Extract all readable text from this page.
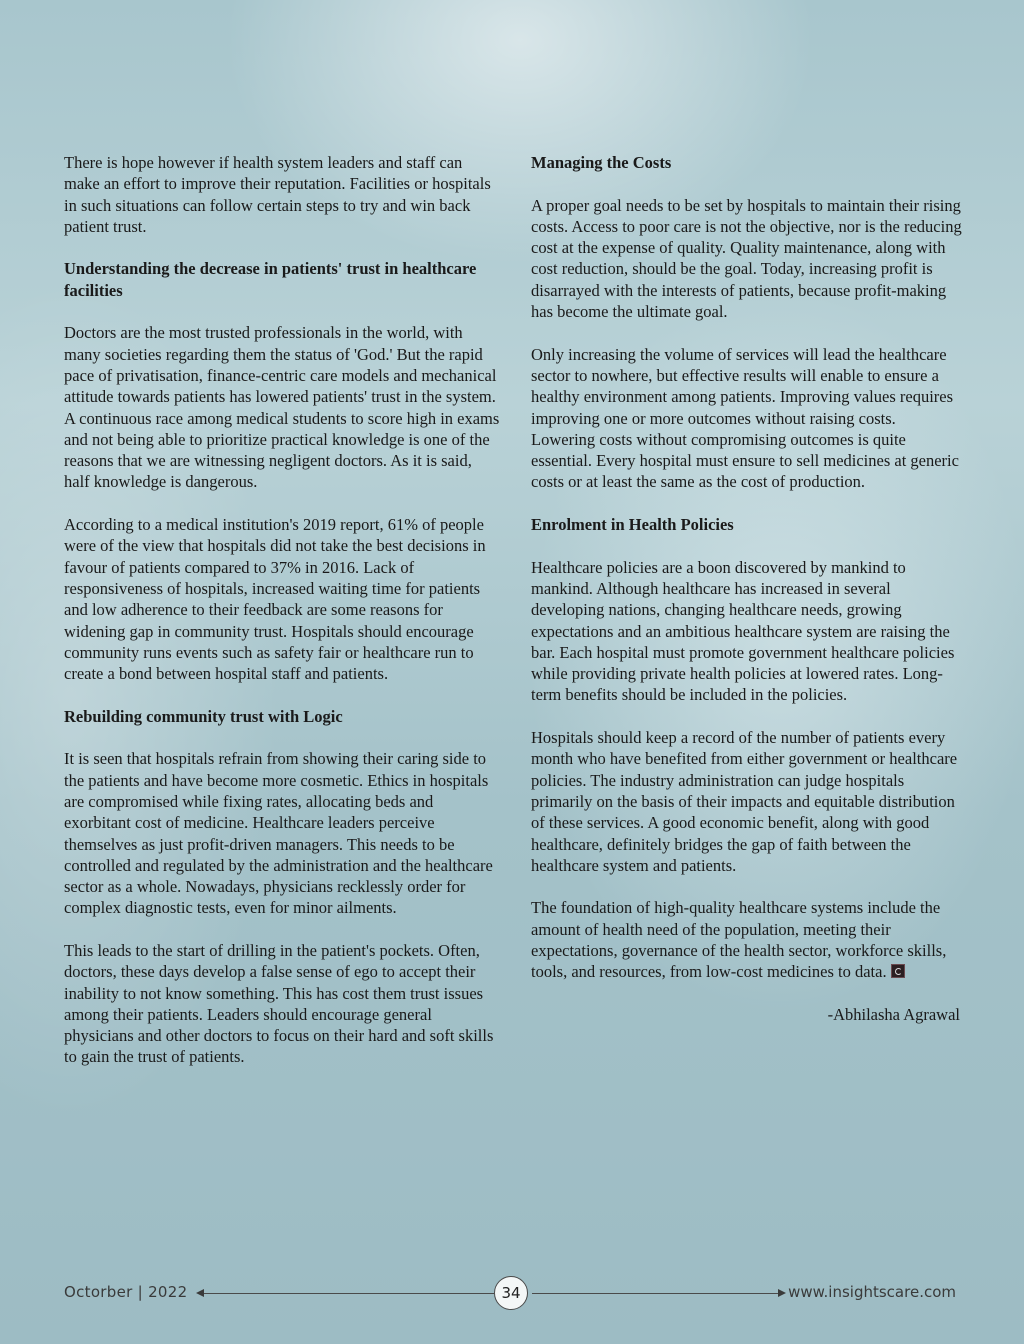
There is hope however if health system leaders and staff can make an effort to improve their reputation. Facilities or hospitals in such situations can follow certain steps to try and win back patient trust.

Understanding the decrease in patients' trust in healthcare facilities

Doctors are the most trusted professionals in the world, with many societies regarding them the status of 'God.' But the rapid pace of privatisation, finance-centric care models and mechanical attitude towards patients has lowered patients' trust in the system. A continuous race among medical students to score high in exams and not being able to prioritize practical knowledge is one of the reasons that we are witnessing negligent doctors. As it is said, half knowledge is dangerous.

According to a medical institution's 2019 report, 61% of people were of the view that hospitals did not take the best decisions in favour of patients compared to 37% in 2016. Lack of responsiveness of hospitals, increased waiting time for patients and low adherence to their feedback are some reasons for widening gap in community trust. Hospitals should encourage community runs events such as safety fair or healthcare run to create a bond between hospital staff and patients.

Rebuilding community trust with Logic

It is seen that hospitals refrain from showing their caring side to the patients and have become more cosmetic. Ethics in hospitals are compromised while fixing rates, allocating beds and exorbitant cost of medicine. Healthcare leaders perceive themselves as just profit-driven managers. This needs to be controlled and regulated by the administration and the healthcare sector as a whole. Nowadays, physicians recklessly order for complex diagnostic tests, even for minor ailments.

This leads to the start of drilling in the patient's pockets. Often, doctors, these days develop a false sense of ego to accept their inability to not know something. This has cost them trust issues among their patients. Leaders should encourage general physicians and other doctors to focus on their hard and soft skills to gain the trust of patients.

Managing the Costs

A proper goal needs to be set by hospitals to maintain their rising costs. Access to poor care is not the objective, nor is the reducing cost at the expense of quality. Quality maintenance, along with cost reduction, should be the goal. Today, increasing profit is disarrayed with the interests of patients, because profit-making has become the ultimate goal.

Only increasing the volume of services will lead the healthcare sector to nowhere, but effective results will enable to ensure a healthy environment among patients. Improving values requires improving one or more outcomes without raising costs. Lowering costs without compromising outcomes is quite essential. Every hospital must ensure to sell medicines at generic costs or at least the same as the cost of production.

Enrolment in Health Policies

Healthcare policies are a boon discovered by mankind to mankind. Although healthcare has increased in several developing nations, changing healthcare needs, growing expectations and an ambitious healthcare system are raising the bar. Each hospital must promote government healthcare policies while providing private health policies at lowered rates. Long-term benefits should be included in the policies.

Hospitals should keep a record of the number of patients every month who have benefited from either government or healthcare policies. The industry administration can judge hospitals primarily on the basis of their impacts and equitable distribution of these services. A good economic benefit, along with good healthcare, definitely bridges the gap of faith between the healthcare system and patients.

The foundation of high-quality healthcare systems include the amount of health need of the population, meeting their expectations, governance of the health sector, workforce skills, tools, and resources, from low-cost medicines to data.

-Abhilasha Agrawal

Octorber | 2022	34	www.insightscare.com
